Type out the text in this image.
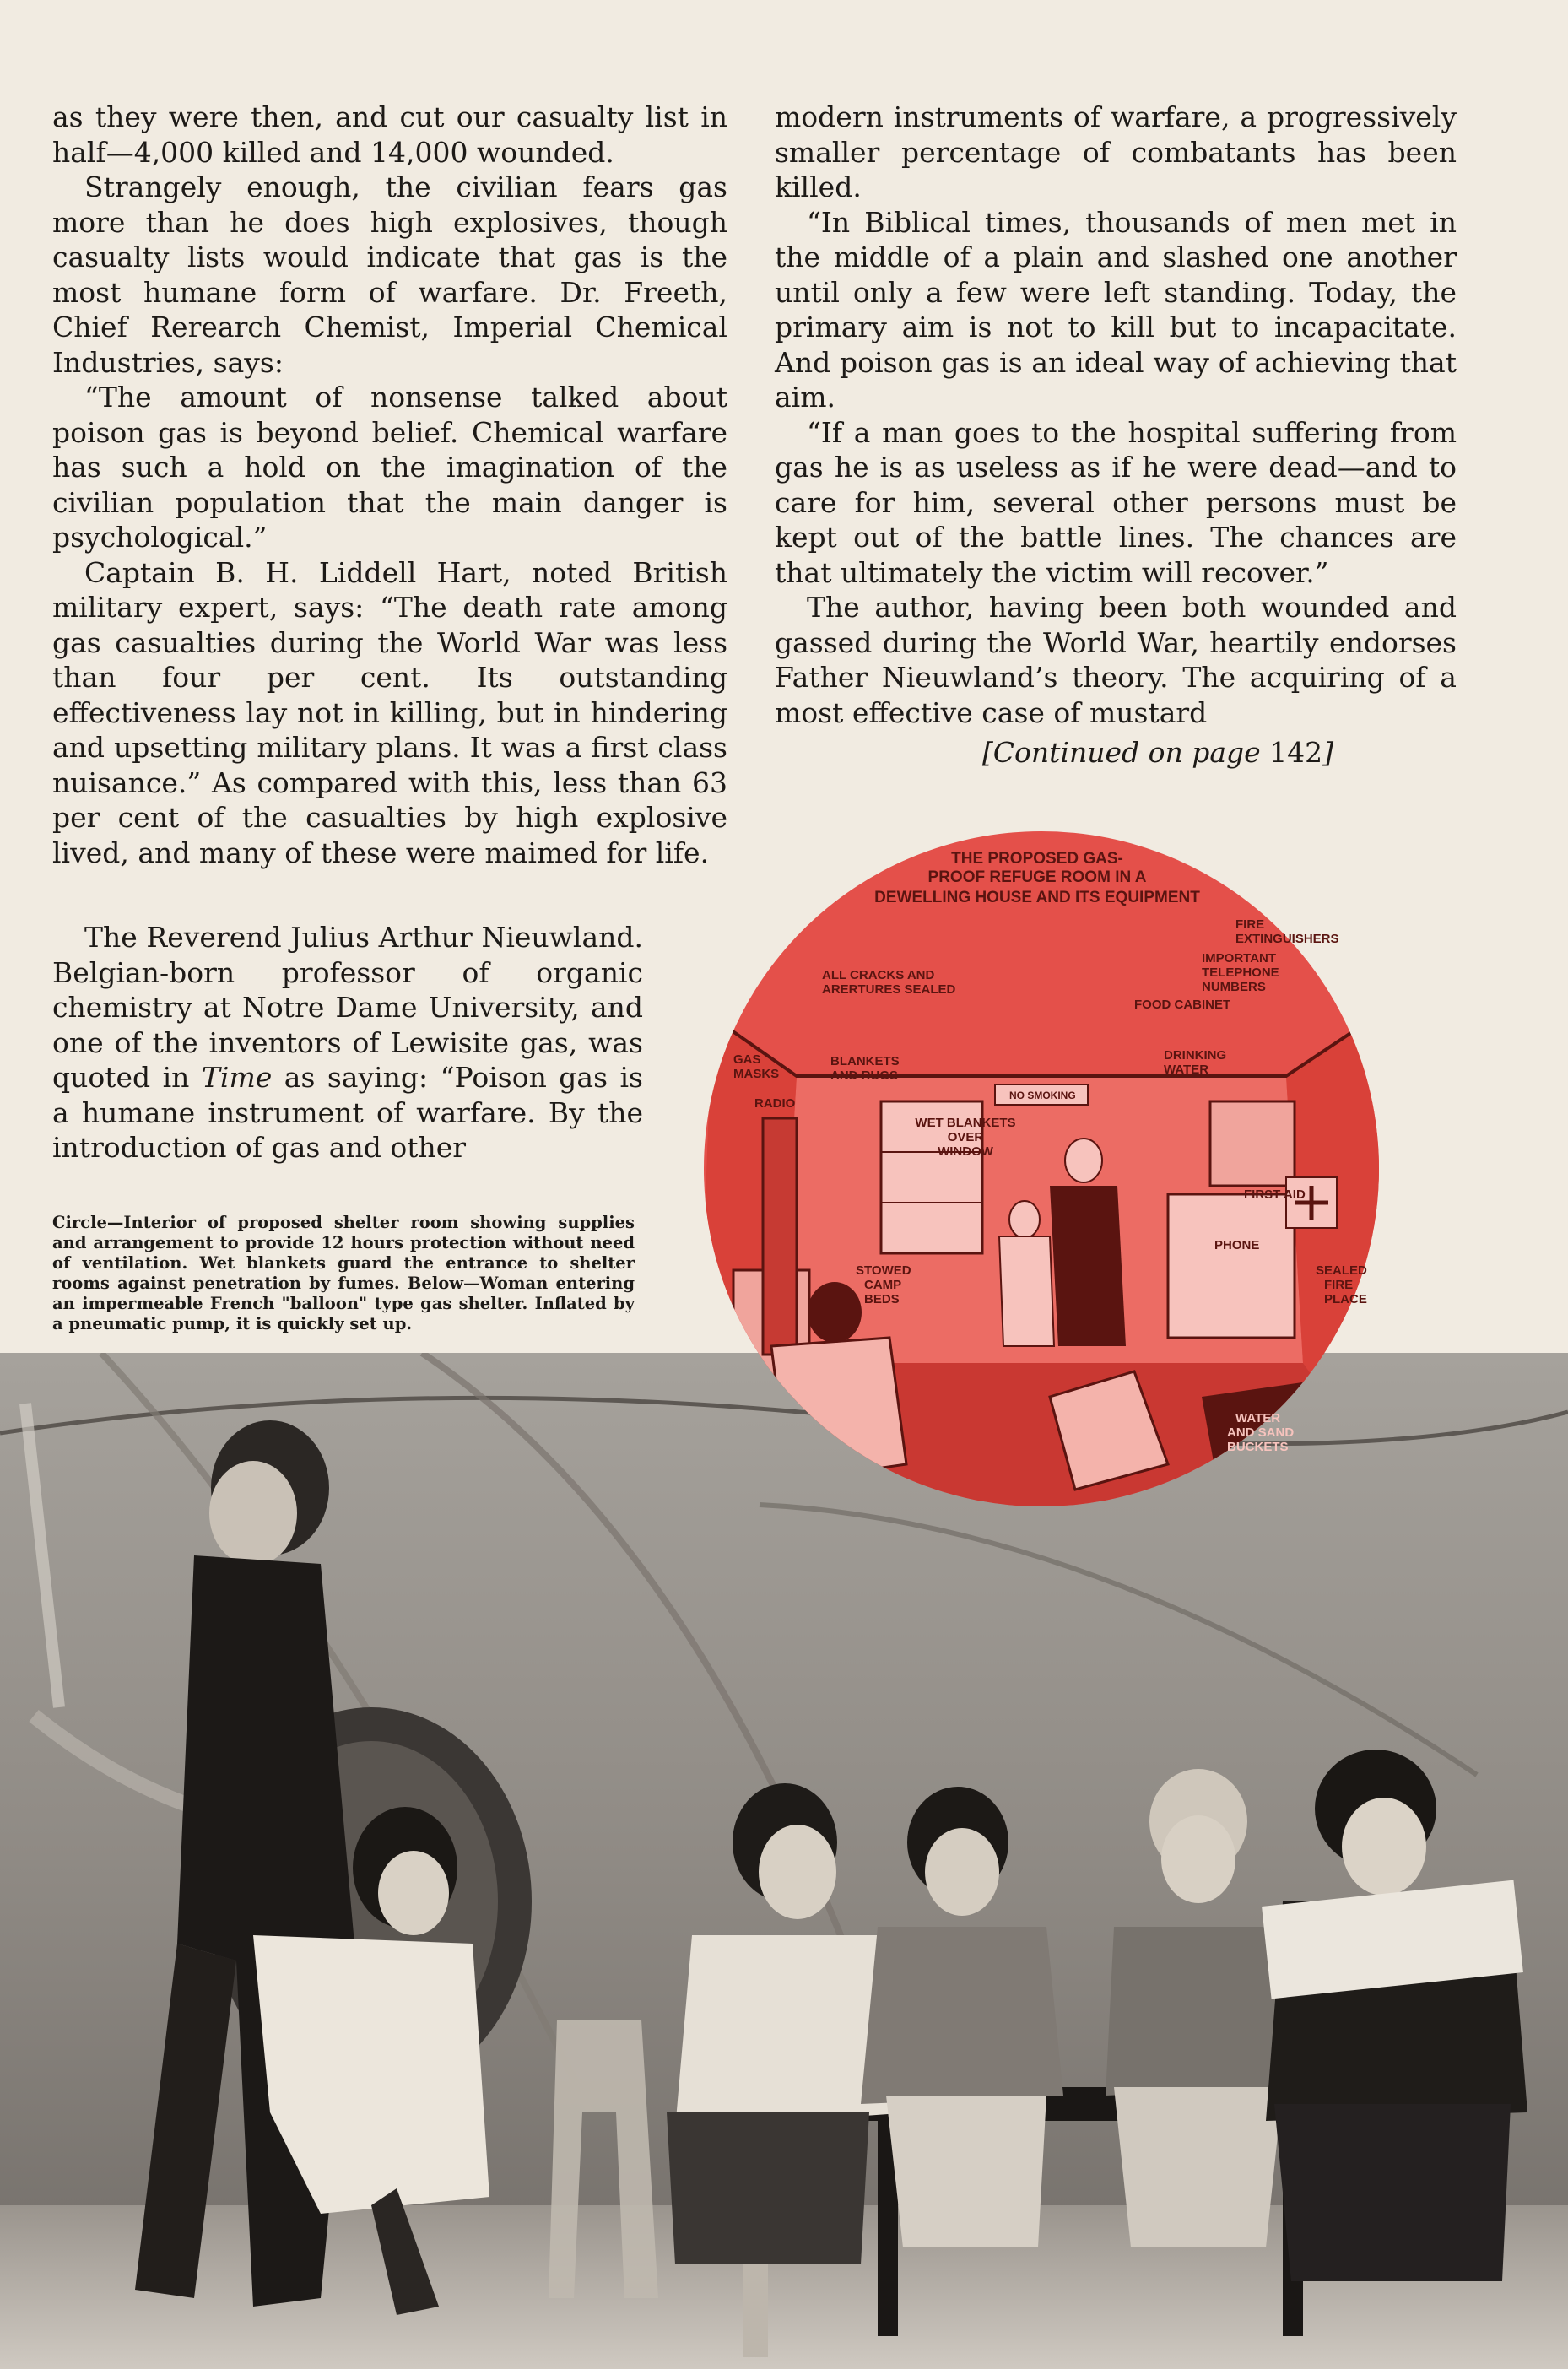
as they were then, and cut our casualty list in half—4,000 killed and 14,000 wounded.

Strangely enough, the civilian fears gas more than he does high explosives, though casualty lists would indicate that gas is the most humane form of warfare. Dr. Freeth, Chief Rerearch Chemist, Imperial Chemical Industries, says:

“The amount of nonsense talked about poison gas is beyond belief. Chemical warfare has such a hold on the imagination of the civilian population that the main danger is psychological.”

Captain B. H. Liddell Hart, noted British military expert, says: “The death rate among gas casualties during the World War was less than four per cent. Its outstanding effectiveness lay not in killing, but in hindering and upsetting military plans. It was a first class nuisance.” As compared with this, less than 63 per cent of the casualties by high explosive lived, and many of these were maimed for life.

The Reverend Julius Arthur Nieuwland. Belgian-born professor of organic chemistry at Notre Dame University, and one of the inventors of Lewisite gas, was quoted in Time as saying: “Poison gas is a humane instrument of warfare. By the introduction of gas and other

modern instruments of warfare, a progressively smaller percentage of combatants has been killed.

“In Biblical times, thousands of men met in the middle of a plain and slashed one another until only a few were left standing. Today, the primary aim is not to kill but to incapacitate. And poison gas is an ideal way of achieving that aim.

“If a man goes to the hospital suffering from gas he is as useless as if he were dead—and to care for him, several other persons must be kept out of the battle lines. The chances are that ultimately the victim will recover.”

The author, having been both wounded and gassed during the World War, heartily endorses Father Nieuwland’s theory. The acquiring of a most effective case of mustard

[Continued on page 142]
Circle—Interior of proposed shelter room showing supplies and arrangement to provide 12 hours protection without need of ventilation. Wet blankets guard the entrance to shelter rooms against penetration by fumes. Below—Woman entering an impermeable French "balloon" type gas shelter. Inflated by a pneumatic pump, it is quickly set up.
THE PROPOSED GAS-
PROOF REFUGE ROOM IN A
DEWELLING HOUSE AND ITS EQUIPMENT
FIRE
EXTINGUISHERS
IMPORTANT
TELEPHONE
NUMBERS
FOOD CABINET
ALL CRACKS AND
ARERTURES SEALED
GAS
MASKS
RADIO
BLANKETS
AND RUGS
NO SMOKING
DRINKING
WATER
WET BLANKETS
OVER
WINDOW
FIRST AID
PHONE
STOWED
CAMP
BEDS
SEALED
FIRE
PLACE
WATER
AND SAND
BUCKETS
